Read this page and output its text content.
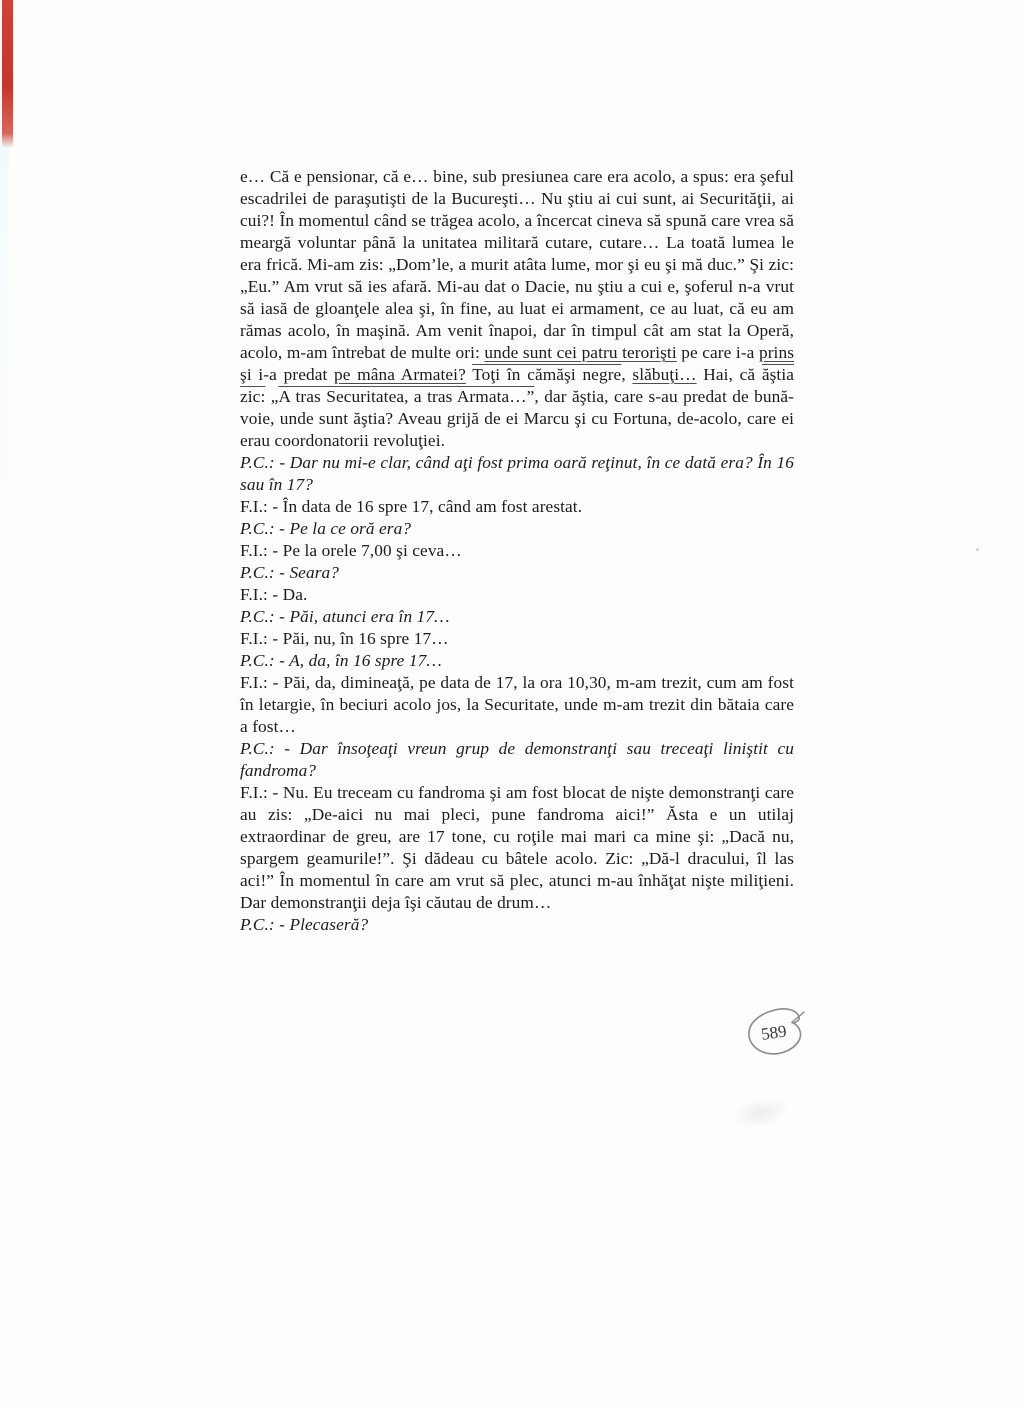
e… Că e pensionar, că e… bine, sub presiunea care era acolo, a spus: era şeful escadrilei de paraşutişti de la Bucureşti… Nu ştiu ai cui sunt, ai Securităţii, ai cui?! În momentul când se trăgea acolo, a încercat cineva să spună care vrea să meargă voluntar până la unitatea militară cutare, cutare… La toată lumea le era frică. Mi-am zis: „Dom’le, a murit atâta lume, mor şi eu şi mă duc.” Şi zic: „Eu.” Am vrut să ies afară. Mi-au dat o Dacie, nu ştiu a cui e, şoferul n-a vrut să iasă de gloanţele alea şi, în fine, au luat ei armament, ce au luat, că eu am rămas acolo, în maşină. Am venit înapoi, dar în timpul cât am stat la Operă, acolo, m-am întrebat de multe ori: unde sunt cei patru terorişti pe care i-a prins şi i-a predat pe mâna Armatei? Toţi în cămăşi negre, slăbuţi… Hai, că ăştia zic: „A tras Securitatea, a tras Armata…”, dar ăştia, care s-au predat de bună-voie, unde sunt ăştia? Aveau grijă de ei Marcu şi cu Fortuna, de-acolo, care ei erau coordonatorii revoluţiei.

P.C.: - Dar nu mi-e clar, când aţi fost prima oară reţinut, în ce dată era? În 16 sau în 17?

F.I.: - În data de 16 spre 17, când am fost arestat.

P.C.: - Pe la ce oră era?

F.I.: - Pe la orele 7,00 şi ceva…

P.C.: - Seara?

F.I.: - Da.

P.C.: - Păi, atunci era în 17…

F.I.: - Păi, nu, în 16 spre 17…

P.C.: - A, da, în 16 spre 17…

F.I.: - Păi, da, dimineaţă, pe data de 17, la ora 10,30, m-am trezit, cum am fost în letargie, în beciuri acolo jos, la Securitate, unde m-am trezit din bătaia care a fost…

P.C.: - Dar însoţeaţi vreun grup de demonstranţi sau treceaţi liniştit cu fandroma?

F.I.: - Nu. Eu treceam cu fandroma şi am fost blocat de nişte demonstranţi care au zis: „De-aici nu mai pleci, pune fandroma aici!” Ăsta e un utilaj extraordinar de greu, are 17 tone, cu roţile mai mari ca mine şi: „Dacă nu, spargem geamurile!”. Şi dădeau cu bâtele acolo. Zic: „Dă-l dracului, îl las aci!” În momentul în care am vrut să plec, atunci m-au înhăţat nişte miliţieni. Dar demonstranţii deja îşi căutau de drum…

P.C.: - Plecaseră?

589
